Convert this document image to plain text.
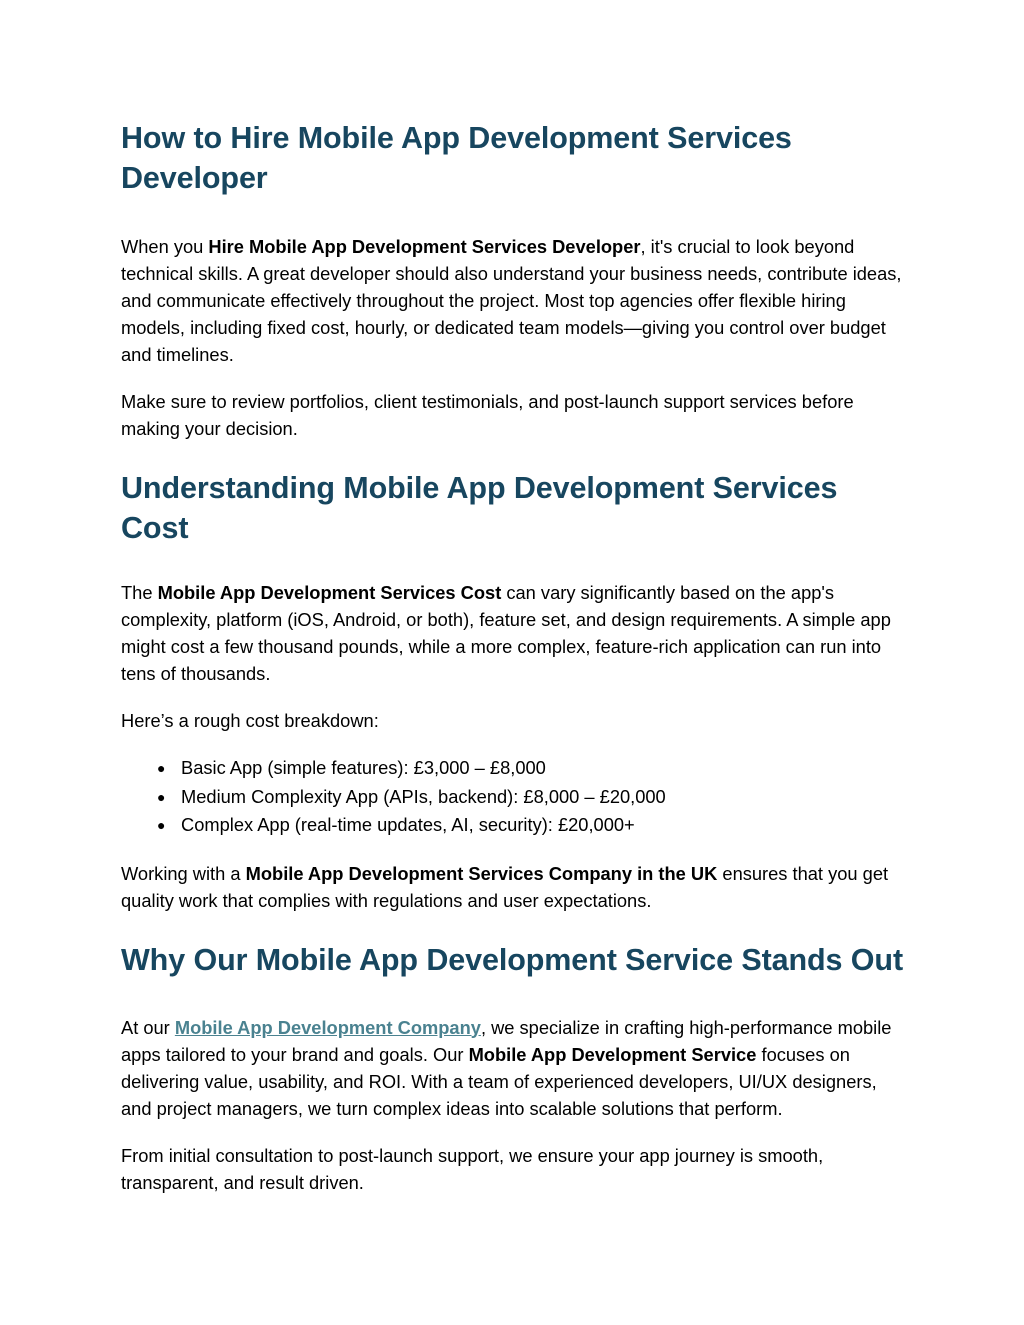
How to Hire Mobile App Development Services Developer

When you Hire Mobile App Development Services Developer, it's crucial to look beyond technical skills. A great developer should also understand your business needs, contribute ideas, and communicate effectively throughout the project. Most top agencies offer flexible hiring models, including fixed cost, hourly, or dedicated team models—giving you control over budget and timelines.

Make sure to review portfolios, client testimonials, and post-launch support services before making your decision.

Understanding Mobile App Development Services Cost

The Mobile App Development Services Cost can vary significantly based on the app's complexity, platform (iOS, Android, or both), feature set, and design requirements. A simple app might cost a few thousand pounds, while a more complex, feature-rich application can run into tens of thousands.

Here’s a rough cost breakdown:

● Basic App (simple features): £3,000 – £8,000
● Medium Complexity App (APIs, backend): £8,000 – £20,000
● Complex App (real-time updates, AI, security): £20,000+

Working with a Mobile App Development Services Company in the UK ensures that you get quality work that complies with regulations and user expectations.

Why Our Mobile App Development Service Stands Out

At our Mobile App Development Company, we specialize in crafting high-performance mobile apps tailored to your brand and goals. Our Mobile App Development Service focuses on delivering value, usability, and ROI. With a team of experienced developers, UI/UX designers, and project managers, we turn complex ideas into scalable solutions that perform.

From initial consultation to post-launch support, we ensure your app journey is smooth, transparent, and result driven.
